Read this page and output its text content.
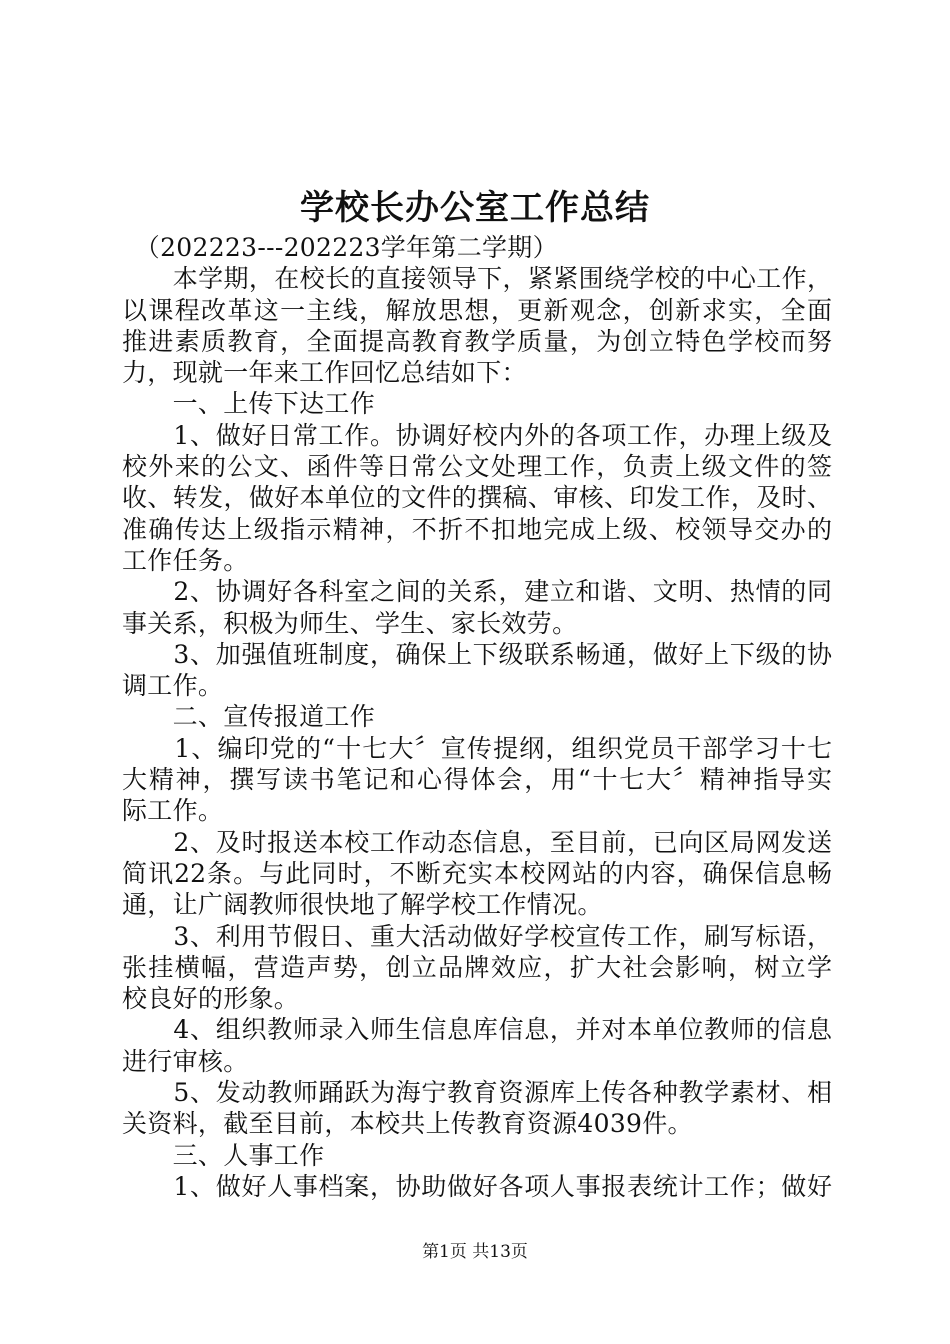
学校长办公室工作总结
　（202223---202223学年第二学期）
　　本学期，在校长的直接领导下，紧紧围绕学校的中心工作，
以课程改革这一主线，解放思想，更新观念，创新求实，全面
推进素质教育，全面提高教育教学质量，为创立特色学校而努
力，现就一年来工作回忆总结如下：
　　一、上传下达工作
　　1、做好日常工作。协调好校内外的各项工作，办理上级及
校外来的公文、函件等日常公文处理工作，负责上级文件的签
收、转发，做好本单位的文件的撰稿、审核、印发工作，及时、
准确传达上级指示精神，不折不扣地完成上级、校领导交办的
工作任务。
　　2、协调好各科室之间的关系，建立和谐、文明、热情的同
事关系，积极为师生、学生、家长效劳。
　　3、加强值班制度，确保上下级联系畅通，做好上下级的协
调工作。
　　二、宣传报道工作
　　1、编印党的“十七大〞宣传提纲，组织党员干部学习十七
大精神，撰写读书笔记和心得体会，用“十七大〞精神指导实
际工作。
　　2、及时报送本校工作动态信息，至目前，已向区局网发送
简讯22条。与此同时，不断充实本校网站的内容，确保信息畅
通，让广阔教师很快地了解学校工作情况。
　　3、利用节假日、重大活动做好学校宣传工作，刷写标语，
张挂横幅，营造声势，创立品牌效应，扩大社会影响，树立学
校良好的形象。
　　4、组织教师录入师生信息库信息，并对本单位教师的信息
进行审核。
　　5、发动教师踊跃为海宁教育资源库上传各种教学素材、相
关资料，截至目前，本校共上传教育资源4039件。
　　三、人事工作
　　1、做好人事档案，协助做好各项人事报表统计工作；做好
第1页 共13页
